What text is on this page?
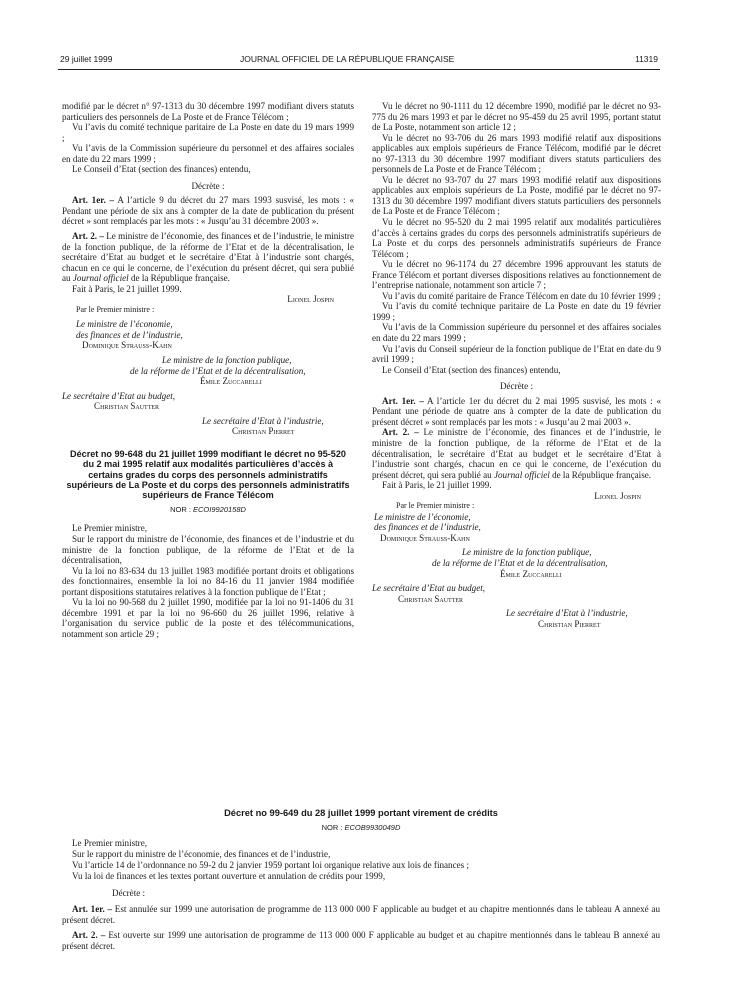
29 juillet 1999	JOURNAL OFFICIEL DE LA RÉPUBLIQUE FRANÇAISE	11319

modifié par le décret n° 97-1313 du 30 décembre 1997 modifiant divers statuts particuliers des personnels de La Poste et de France Télécom ;

Vu l’avis du comité technique paritaire de La Poste en date du 19 mars 1999 ;

Vu l’avis de la Commission supérieure du personnel et des affaires sociales en date du 22 mars 1999 ;

Le Conseil d’Etat (section des finances) entendu,

Décrète :

Art. 1er. – A l’article 9 du décret du 27 mars 1993 susvisé, les mots : « Pendant une période de six ans à compter de la date de publication du présent décret » sont remplacés par les mots : « Jusqu’au 31 décembre 2003 ».

Art. 2. – Le ministre de l’économie, des finances et de l’industrie, le ministre de la fonction publique, de la réforme de l’Etat et de la décentralisation, le secrétaire d’Etat au budget et le secrétaire d’Etat à l’industrie sont chargés, chacun en ce qui le concerne, de l’exécution du présent décret, qui sera publié au Journal officiel de la République française.

Fait à Paris, le 21 juillet 1999.

Lionel Jospin

Par le Premier ministre :

Le ministre de l’économie,

des finances et de l’industrie,

Dominique Strauss-Kahn

Le ministre de la fonction publique,

de la réforme de l’Etat et de la décentralisation,

Émile Zuccarelli

Le secrétaire d’Etat au budget,

Christian Sautter

Le secrétaire d’Etat à l’industrie,

Christian Pierret

Décret no 99-648 du 21 juillet 1999 modifiant le décret no 95-520 du 2 mai 1995 relatif aux modalités particulières d’accès à certains grades du corps des personnels administratifs supérieurs de La Poste et du corps des personnels administratifs supérieurs de France Télécom

NOR : ECOI9920158D

Le Premier ministre,

Sur le rapport du ministre de l’économie, des finances et de l’industrie et du ministre de la fonction publique, de la réforme de l’Etat et de la décentralisation,

Vu la loi no 83-634 du 13 juillet 1983 modifiée portant droits et obligations des fonctionnaires, ensemble la loi no 84-16 du 11 janvier 1984 modifiée portant dispositions statutaires relatives à la fonction publique de l’Etat ;

Vu la loi no 90-568 du 2 juillet 1990, modifiée par la loi no 91-1406 du 31 décembre 1991 et par la loi no 96-660 du 26 juillet 1996, relative à l’organisation du service public de la poste et des télécommunications, notamment son article 29 ;

Vu le décret no 90-1111 du 12 décembre 1990, modifié par le décret no 93-775 du 26 mars 1993 et par le décret no 95-459 du 25 avril 1995, portant statut de La Poste, notamment son article 12 ;

Vu le décret no 93-706 du 26 mars 1993 modifié relatif aux dispositions applicables aux emplois supérieurs de France Télécom, modifié par le décret no 97-1313 du 30 décembre 1997 modifiant divers statuts particuliers des personnels de La Poste et de France Télécom ;

Vu le décret no 93-707 du 27 mars 1993 modifié relatif aux dispositions applicables aux emplois supérieurs de La Poste, modifié par le décret no 97-1313 du 30 décembre 1997 modifiant divers statuts particuliers des personnels de La Poste et de France Télécom ;

Vu le décret no 95-520 du 2 mai 1995 relatif aux modalités particulières d’accès à certains grades du corps des personnels administratifs supérieurs de La Poste et du corps des personnels administratifs supérieurs de France Télécom ;

Vu le décret no 96-1174 du 27 décembre 1996 approuvant les statuts de France Télécom et portant diverses dispositions relatives au fonctionnement de l’entreprise nationale, notamment son article 7 ;

Vu l’avis du comité paritaire de France Télécom en date du 10 février 1999 ;

Vu l’avis du comité technique paritaire de La Poste en date du 19 février 1999 ;

Vu l’avis de la Commission supérieure du personnel et des affaires sociales en date du 22 mars 1999 ;

Vu l’avis du Conseil supérieur de la fonction publique de l’Etat en date du 9 avril 1999 ;

Le Conseil d’Etat (section des finances) entendu,

Décrète :

Art. 1er. – A l’article 1er du décret du 2 mai 1995 susvisé, les mots : « Pendant une période de quatre ans à compter de la date de publication du présent décret » sont remplacés par les mots : « Jusqu’au 2 mai 2003 ».

Art. 2. – Le ministre de l’économie, des finances et de l’industrie, le ministre de la fonction publique, de la réforme de l’Etat et de la décentralisation, le secrétaire d’Etat au budget et le secrétaire d’Etat à l’industrie sont chargés, chacun en ce qui le concerne, de l’exécution du présent décret, qui sera publié au Journal officiel de la République française.

Fait à Paris, le 21 juillet 1999.

Lionel Jospin

Par le Premier ministre :

Le ministre de l’économie,

des finances et de l’industrie,

Dominique Strauss-Kahn

Le ministre de la fonction publique,

de la réforme de l’Etat et de la décentralisation,

Émile Zuccarelli

Le secrétaire d’Etat au budget,

Christian Sautter

Le secrétaire d’Etat à l’industrie,

Christian Pierret

Décret no 99-649 du 28 juillet 1999 portant virement de crédits

NOR : ECOB9930049D

Le Premier ministre,

Sur le rapport du ministre de l’économie, des finances et de l’industrie,

Vu l’article 14 de l’ordonnance no 59-2 du 2 janvier 1959 portant loi organique relative aux lois de finances ;

Vu la loi de finances et les textes portant ouverture et annulation de crédits pour 1999,

Décrète :

Art. 1er. – Est annulée sur 1999 une autorisation de programme de 113 000 000 F applicable au budget et au chapitre mentionnés dans le tableau A annexé au présent décret.

Art. 2. – Est ouverte sur 1999 une autorisation de programme de 113 000 000 F applicable au budget et au chapitre mentionnés dans le tableau B annexé au présent décret.
